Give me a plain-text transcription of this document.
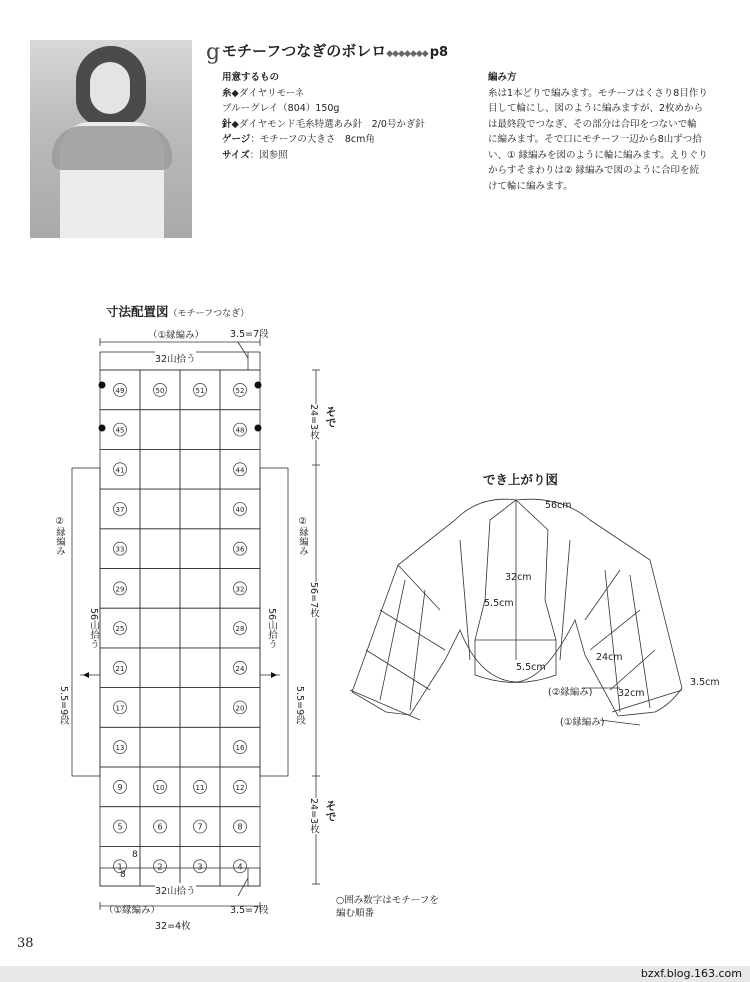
g モチーフつなぎのボレロ◆◆◆◆◆◆◆ p8
用意するもの
糸◆ダイヤリモーネ
ブルーグレイ（804）150g
針◆ダイヤモンド毛糸特選あみ針　2/0号かぎ針
ゲージ：モチーフの大きさ　8cm角
サイズ：図参照
編み方
糸は1本どりで編みます。モチーフはくさり8目作り
目して輪にし、図のように編みますが、2枚めから
は最終段でつなぎ、その部分は合印をつないで輪
に編みます。そで口にモチーフ一辺から8山ずつ拾
い、① 縁編みを図のように輪に編みます。えりぐり
からすそまわりは② 縁編みで図のように合印を続
けて輪に編みます。
寸法配置図（モチーフつなぎ）
でき上がり図
49	50	51	52
45	48
41	44
37	40
33	36
29	32
25	28
21	24
17	20
13	16
9	10	11	12
5	6	7	8
1	2	3	4
（①縁編み）	3.5=7段
32山拾う
32山拾う
（①縁編み）	3.5=7段
32=4枚
②縁編み	②縁編み
56山拾う	56山拾う
5.5=9段	5.5=9段
24=3枚 そで
56=7枚
24=3枚 そで
8
8
56cm
32cm
5.5cm
5.5cm
24cm
3.5cm
32cm
(②縁編み)
(①縁編み)
○囲み数字はモチーフを
編む順番
38
bzxf.blog.163.com
